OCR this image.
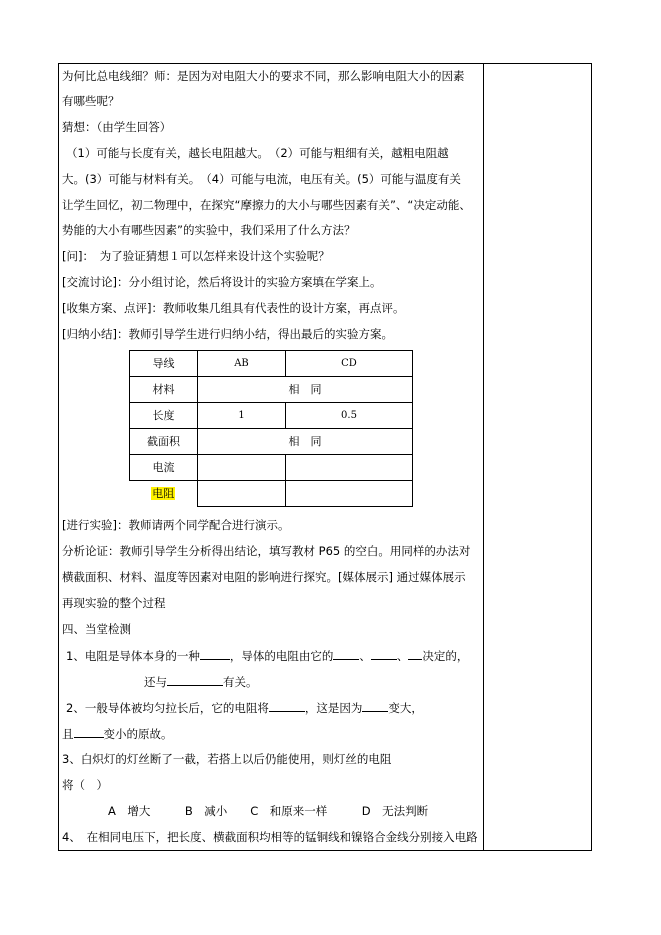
为何比总电线细？师：是因为对电阻大小的要求不同，那么影响电阻大小的因素
有哪些呢？
猜想：（由学生回答）
（1）可能与长度有关，越长电阻越大。　（2）可能与粗细有关，越粗电阻越
大。(3）可能与材料有关。　（4）可能与电流，电压有关。(5）可能与温度有关
让学生回忆，初二物理中，在探究“摩擦力的大小与哪些因素有关”、“决定动能、
势能的大小有哪些因素”的实验中，我们采用了什么方法？
[问]：　为了验证猜想１可以怎样来设计这个实验呢？
[交流讨论]：分小组讨论，然后将设计的实验方案填在学案上。
[收集方案、点评]：教师收集几组具有代表性的设计方案，再点评。
[归纳小结]：教师引导学生进行归纳小结，得出最后的实验方案。
导线	AB	CD
材料	相　同	
长度	1	0.5
截面积	相　同	
电流		
电阻		
[进行实验]：教师请两个同学配合进行演示。
分析论证：教师引导学生分析得出结论，填写教材 P65 的空白。用同样的办法对
横截面积、材料、温度等因素对电阻的影响进行探究。[媒体展示] 通过媒体展示
再现实验的整个过程
四、当堂检测
1、电阻是导体本身的一种	，导体的电阻由它的 、 、 决定的，
还与	有关。
2、一般导体被均匀拉长后，它的电阻将	，这是因为 变大，
且	变小的原故。
3、白炽灯的灯丝断了一截，若搭上以后仍能使用，则灯丝的电阻
将（　）
A　增大　　　B　减小　　C　和原来一样　　　D　无法判断
4、　在相同电压下，把长度、横截面积均相等的锰铜线和镍铬合金线分别接入电路
